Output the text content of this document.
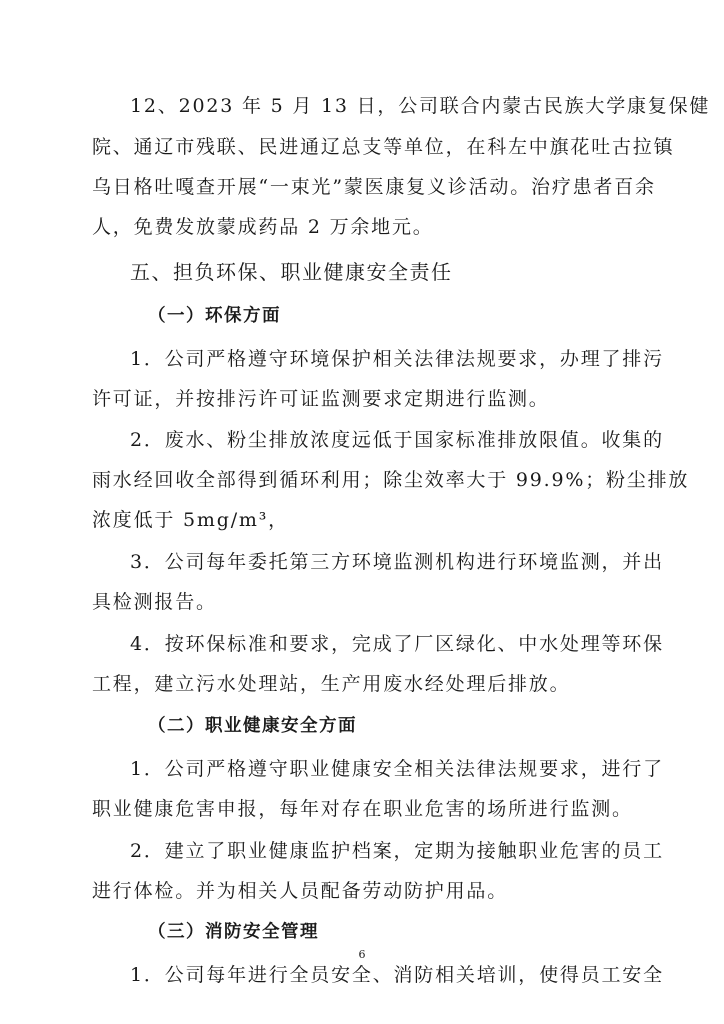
12、2023 年 5 月 13 日，公司联合内蒙古民族大学康复保健
院、通辽市残联、民进通辽总支等单位，在科左中旗花吐古拉镇
乌日格吐嘎查开展“一束光”蒙医康复义诊活动。治疗患者百余
人，免费发放蒙成药品 2 万余地元。
五、担负环保、职业健康安全责任
（一）环保方面
1．公司严格遵守环境保护相关法律法规要求，办理了排污
许可证，并按排污许可证监测要求定期进行监测。
2．废水、粉尘排放浓度远低于国家标准排放限值。收集的
雨水经回收全部得到循环利用；除尘效率大于 99.9%；粉尘排放
浓度低于 5mg/m³，
3．公司每年委托第三方环境监测机构进行环境监测，并出
具检测报告。
4．按环保标准和要求，完成了厂区绿化、中水处理等环保
工程，建立污水处理站，生产用废水经处理后排放。
（二）职业健康安全方面
1．公司严格遵守职业健康安全相关法律法规要求，进行了
职业健康危害申报，每年对存在职业危害的场所进行监测。
2．建立了职业健康监护档案，定期为接触职业危害的员工
进行体检。并为相关人员配备劳动防护用品。
（三）消防安全管理
1．公司每年进行全员安全、消防相关培训，使得员工安全
6
